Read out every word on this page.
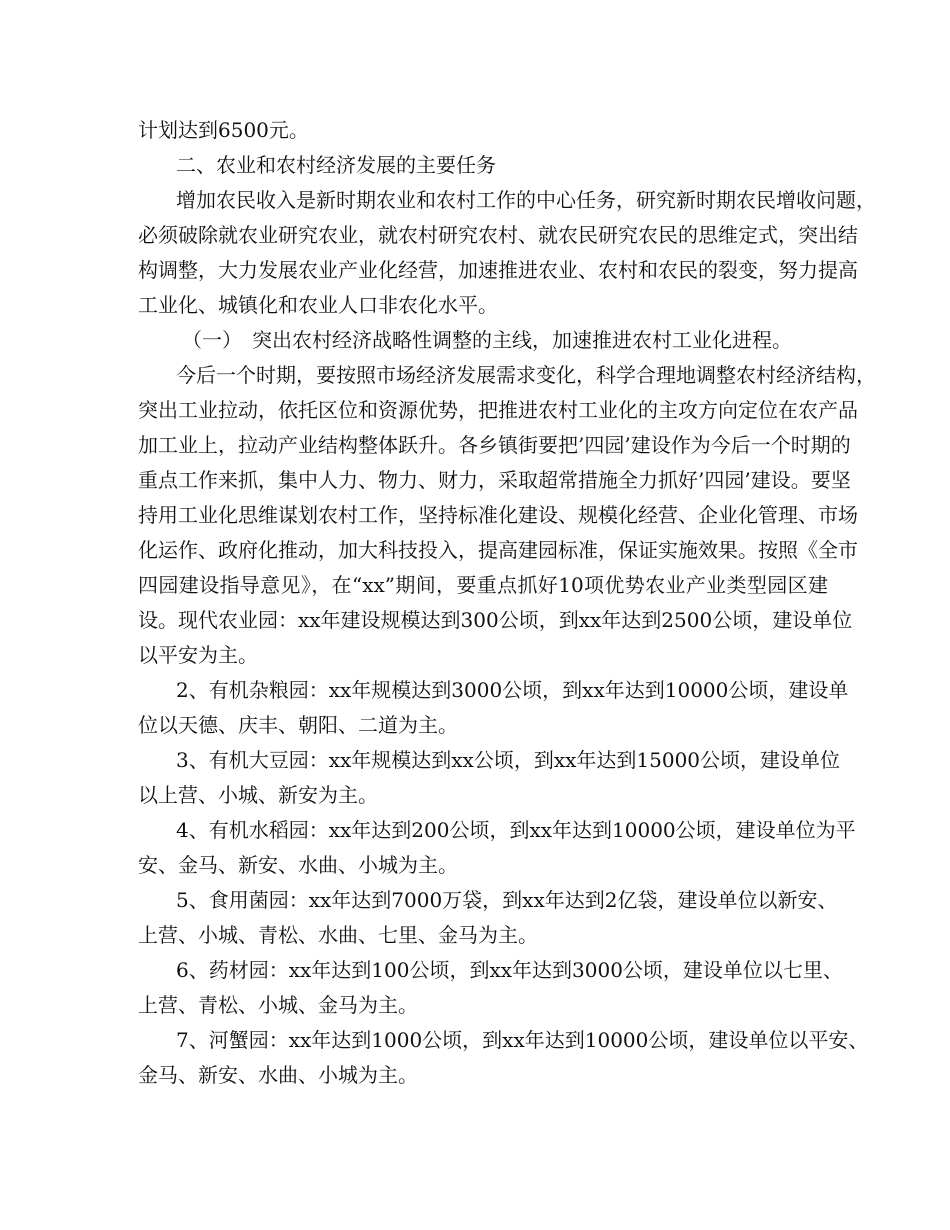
计划达到6500元。
二、农业和农村经济发展的主要任务
增加农民收入是新时期农业和农村工作的中心任务，研究新时期农民增收问题，
必须破除就农业研究农业，就农村研究农村、就农民研究农民的思维定式，突出结
构调整，大力发展农业产业化经营，加速推进农业、农村和农民的裂变，努力提高
工业化、城镇化和农业人口非农化水平。
（一）　突出农村经济战略性调整的主线，加速推进农村工业化进程。
今后一个时期，要按照市场经济发展需求变化，科学合理地调整农村经济结构，
突出工业拉动，依托区位和资源优势，把推进农村工业化的主攻方向定位在农产品
加工业上，拉动产业结构整体跃升。各乡镇街要把’四园’建设作为今后一个时期的
重点工作来抓，集中人力、物力、财力，采取超常措施全力抓好’四园’建设。要坚
持用工业化思维谋划农村工作，坚持标准化建设、规模化经营、企业化管理、市场
化运作、政府化推动，加大科技投入，提高建园标准，保证实施效果。按照《全市
四园建设指导意见》，在“xx”期间，要重点抓好10项优势农业产业类型园区建
设。现代农业园：xx年建设规模达到300公顷，到xx年达到2500公顷，建设单位
以平安为主。
2、有机杂粮园：xx年规模达到3000公顷，到xx年达到10000公顷，建设单
位以天德、庆丰、朝阳、二道为主。
3、有机大豆园：xx年规模达到xx公顷，到xx年达到15000公顷，建设单位
以上营、小城、新安为主。
4、有机水稻园：xx年达到200公顷，到xx年达到10000公顷，建设单位为平
安、金马、新安、水曲、小城为主。
5、食用菌园：xx年达到7000万袋，到xx年达到2亿袋，建设单位以新安、
上营、小城、青松、水曲、七里、金马为主。
6、药材园：xx年达到100公顷，到xx年达到3000公顷，建设单位以七里、
上营、青松、小城、金马为主。
7、河蟹园：xx年达到1000公顷，到xx年达到10000公顷，建设单位以平安、
金马、新安、水曲、小城为主。
